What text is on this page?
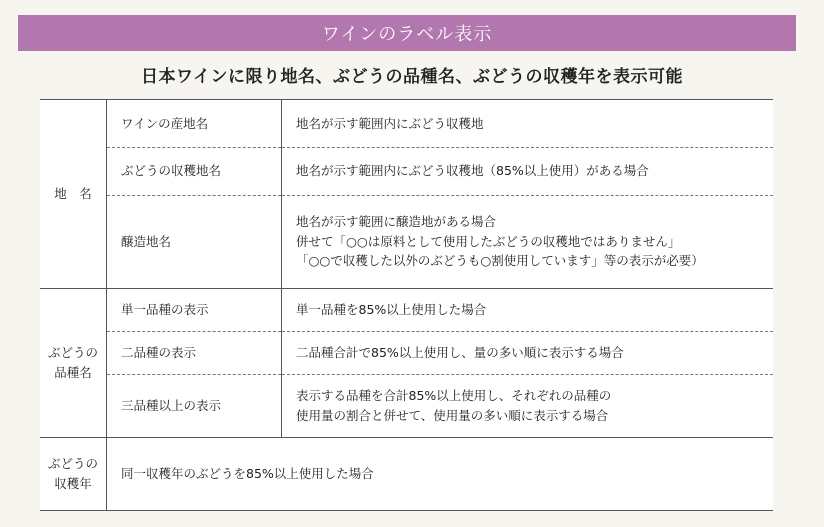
ワインのラベル表示
日本ワインに限り地名、ぶどうの品種名、ぶどうの収穫年を表示可能
地　名	ワインの産地名	地名が示す範囲内にぶどう収穫地
	ぶどうの収穫地名	地名が示す範囲内にぶどう収穫地（85%以上使用）がある場合
	醸造地名	地名が示す範囲に醸造地がある場合
併せて「○○は原料として使用したぶどうの収穫地ではありません」
「○○で収穫した以外のぶどうも○割使用しています」等の表示が必要）

ぶどうの
品種名	単一品種の表示	単一品種を85%以上使用した場合
	二品種の表示	二品種合計で85%以上使用し、量の多い順に表示する場合
	三品種以上の表示	表示する品種を合計85%以上使用し、それぞれの品種の
使用量の割合と併せて、使用量の多い順に表示する場合

ぶどうの
収穫年	同一収穫年のぶどうを85%以上使用した場合	
